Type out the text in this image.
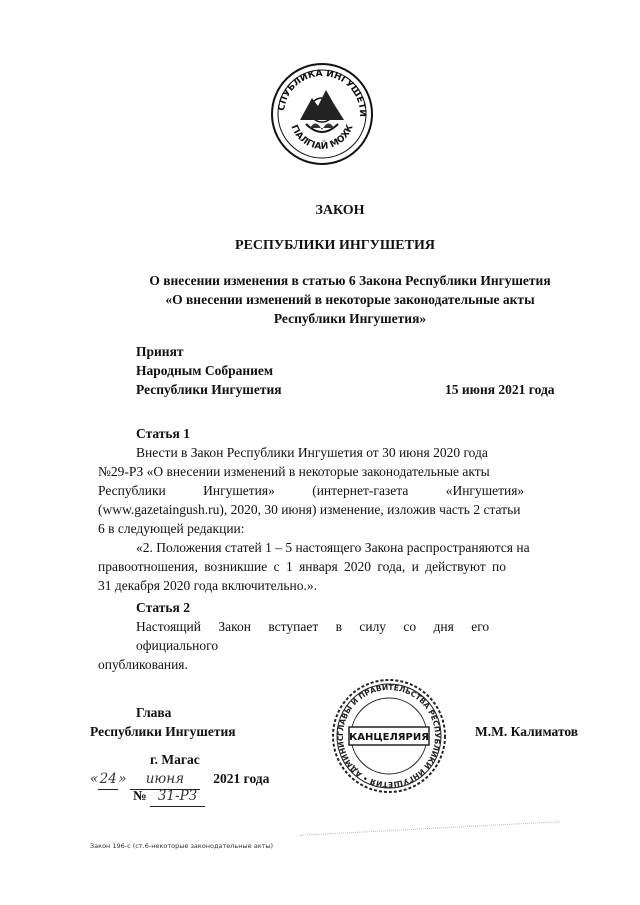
СПУБЛИКА ИНГУШЕТИ
ГIАЛГIАЙ МОХК
ЗАКОН
РЕСПУБЛИКИ ИНГУШЕТИЯ
О внесении изменения в статью 6 Закона Республики Ингушетия
«О внесении изменений в некоторые законодательные акты
Республики Ингушетия»
Принят
Народным Собранием
Республики Ингушетия	15 июня 2021 года
Статья 1
Внести в Закон Республики Ингушетия от 30 июня 2020 года
№29-РЗ «О внесении изменений в некоторые законодательные акты
Республики Ингушетия» (интернет-газета «Ингушетия»
(www.gazetaingush.ru), 2020, 30 июня) изменение, изложив часть 2 статьи
6 в следующей редакции:
«2. Положения статей 1 – 5 настоящего Закона распространяются на
правоотношения, возникшие с 1 января 2020 года, и действуют по
31 декабря 2020 года включительно.».
Статья 2
Настоящий Закон вступает в силу со дня его официального
опубликования.
Глава
Республики Ингушетия	М.М. Калиматов
ГЛАВЫ И ПРАВИТЕЛЬСТВА РЕСПУБЛИКИ ИНГУШЕТИЯ • АДМИНИС КАНЦЕЛЯРИЯ
г. Магас
«24» июня 2021 года
№ 31-РЗ
Закон 196-с (ст.6-некоторые законодательные акты)
